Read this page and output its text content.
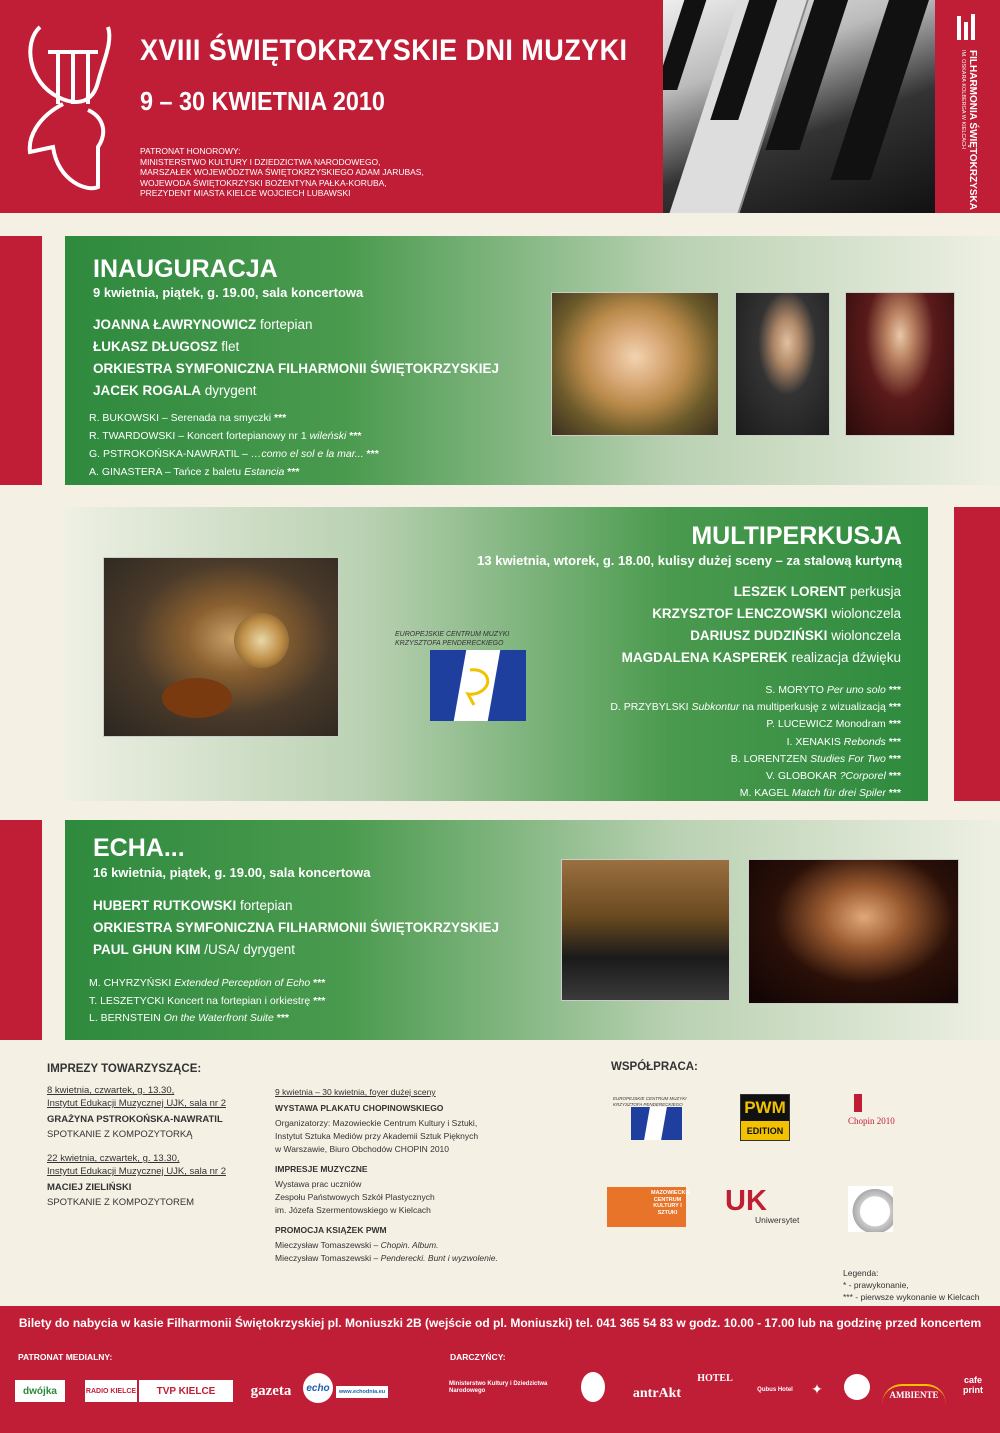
XVIII ŚWIĘTOKRZYSKIE DNI MUZYKI
9 – 30 KWIETNIA 2010
PATRONAT HONOROWY:
MINISTERSTWO KULTURY I DZIEDZICTWA NARODOWEGO,
MARSZAŁEK WOJEWÓDZTWA ŚWIĘTOKRZYSKIEGO ADAM JARUBAS,
WOJEWODA ŚWIĘTOKRZYSKI BOŻENTYNA PAŁKA-KORUBA,
PREZYDENT MIASTA KIELCE WOJCIECH LUBAWSKI	FILHARMONIA ŚWIĘTOKRZYSKA
IM. OSKARA KOLBERGA W KIELCACH
INAUGURACJA
9 kwietnia, piątek, g. 19.00, sala koncertowa
JOANNA ŁAWRYNOWICZ fortepian
ŁUKASZ DŁUGOSZ flet
ORKIESTRA SYMFONICZNA FILHARMONII ŚWIĘTOKRZYSKIEJ
JACEK ROGALA dyrygent
R. BUKOWSKI – Serenada na smyczki ***
R. TWARDOWSKI – Koncert fortepianowy nr 1 wileński ***
G. PSTROKOŃSKA-NAWRATIL – …como el sol e la mar... ***
A. GINASTERA – Tańce z baletu Estancia ***
MULTIPERKUSJA
13 kwietnia, wtorek, g. 18.00, kulisy dużej sceny – za stalową kurtyną
LESZEK LORENT perkusja
KRZYSZTOF LENCZOWSKI wiolonczela
DARIUSZ DUDZIŃSKI wiolonczela
MAGDALENA KASPEREK realizacja dźwięku
S. MORYTO Per uno solo ***
D. PRZYBYLSKI Subkontur na multiperkusję z wizualizacją ***
P. LUCEWICZ Monodram ***
I. XENAKIS Rebonds ***
B. LORENTZEN Studies For Two ***
V. GLOBOKAR ?Corporel ***
M. KAGEL Match für drei Spiler ***
EUROPEJSKIE CENTRUM MUZYKI
KRZYSZTOFA PENDERECKIEGO
ECHA...
16 kwietnia, piątek, g. 19.00, sala koncertowa
HUBERT RUTKOWSKI fortepian
ORKIESTRA SYMFONICZNA FILHARMONII ŚWIĘTOKRZYSKIEJ
PAUL GHUN KIM /USA/ dyrygent
M. CHYRZYŃSKI Extended Perception of Echo ***
T. LESZETYCKI Koncert na fortepian i orkiestrę ***
L. BERNSTEIN On the Waterfront Suite ***
IMPREZY TOWARZYSZĄCE:
8 kwietnia, czwartek, g. 13.30,
Instytut Edukacji Muzycznej UJK, sala nr 2
GRAŻYNA PSTROKOŃSKA-NAWRATIL
SPOTKANIE Z KOMPOZYTORKĄ
22 kwietnia, czwartek, g. 13.30,
Instytut Edukacji Muzycznej UJK, sala nr 2
MACIEJ ZIELIŃSKI
SPOTKANIE Z KOMPOZYTOREM
9 kwietnia – 30 kwietnia, foyer dużej sceny
WYSTAWA PLAKATU CHOPINOWSKIEGO
Organizatorzy: Mazowieckie Centrum Kultury i Sztuki,
Instytut Sztuka Mediów przy Akademii Sztuk Pięknych
w Warszawie, Biuro Obchodów CHOPIN 2010
IMPRESJE MUZYCZNE
Wystawa prac uczniów
Zespołu Państwowych Szkół Plastycznych
im. Józefa Szermentowskiego w Kielcach
PROMOCJA KSIĄŻEK PWM
Mieczysław Tomaszewski – Chopin. Album.
Mieczysław Tomaszewski – Penderecki. Bunt i wyzwolenie.
WSPÓŁPRACA:
EUROPEJSKIE CENTRUM MUZYKI
KRZYSZTOFA PENDERECKIEGO	PWM
EDITION
Chopin 2010
MAZOWIECKIE CENTRUM KULTURY I SZTUKI UK
Uniwersytet
Legenda:
* - prawykonanie,
*** - pierwsze wykonanie w Kielcach
Bilety do nabycia w kasie Filharmonii Świętokrzyskiej pl. Moniuszki 2B (wejście od pl. Moniuszki) tel. 041 365 54 83 w godz. 10.00 - 17.00 lub na godzinę przed koncertem
PATRONAT MEDIALNY:	DARCZYŃCY:
dwójka	RADIO KIELCE	TVP KIELCE	gazeta	echo	www.echodnia.eu
Ministerstwo Kultury i Dziedzictwa Narodowego	antrAkt
HOTEL
Qubus Hotel	✦	AMBIENTE
cafe print
